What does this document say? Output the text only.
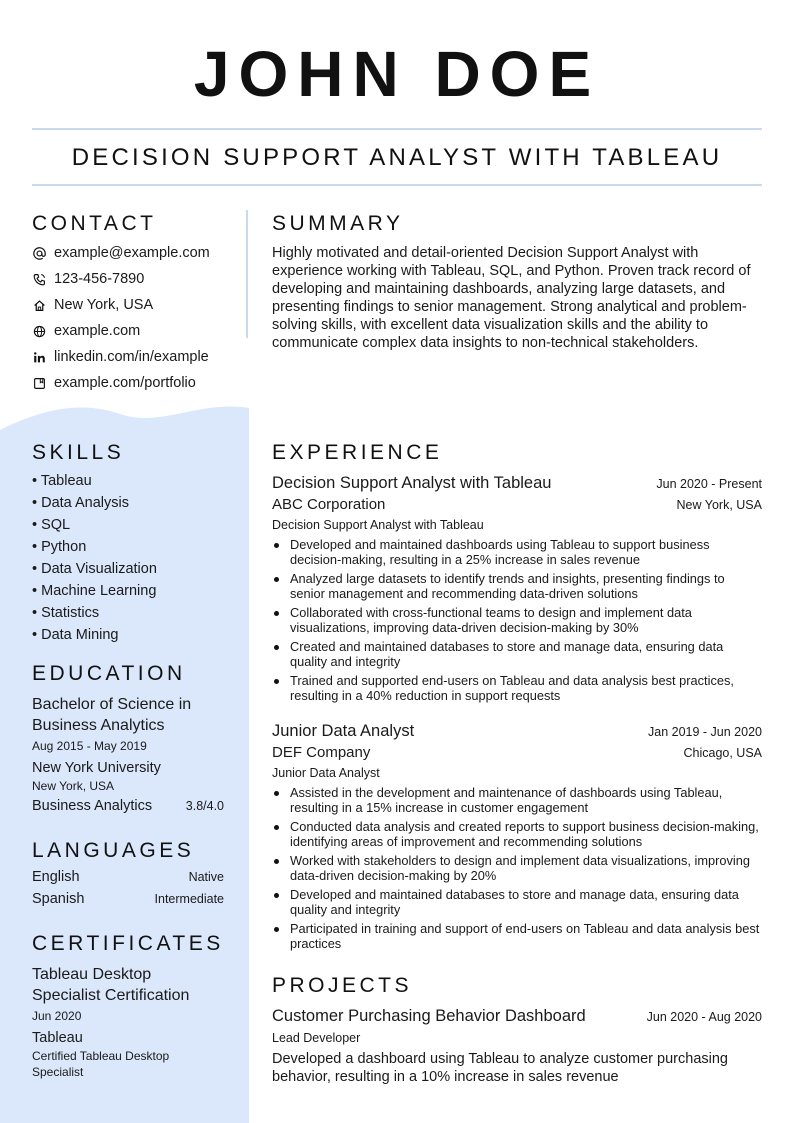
JOHN DOE
DECISION SUPPORT ANALYST WITH TABLEAU
CONTACT
example@example.com
123-456-7890
New York, USA
example.com
linkedin.com/in/example
example.com/portfolio
SKILLS
• Tableau
• Data Analysis
• SQL
• Python
• Data Visualization
• Machine Learning
• Statistics
• Data Mining
EDUCATION
Bachelor of Science in Business Analytics
Aug 2015 - May 2019
New York University
New York, USA
Business Analytics	3.8/4.0
LANGUAGES
English	Native
Spanish	Intermediate
CERTIFICATES
Tableau Desktop Specialist Certification
Jun 2020
Tableau
Certified Tableau Desktop Specialist
SUMMARY
Highly motivated and detail-oriented Decision Support Analyst with experience working with Tableau, SQL, and Python. Proven track record of developing and maintaining dashboards, analyzing large datasets, and presenting findings to senior management. Strong analytical and problem-solving skills, with excellent data visualization skills and the ability to communicate complex data insights to non-technical stakeholders.
EXPERIENCE
Decision Support Analyst with Tableau	Jun 2020 - Present
ABC Corporation	New York, USA
Decision Support Analyst with Tableau
Developed and maintained dashboards using Tableau to support business decision-making, resulting in a 25% increase in sales revenue
Analyzed large datasets to identify trends and insights, presenting findings to senior management and recommending data-driven solutions
Collaborated with cross-functional teams to design and implement data visualizations, improving data-driven decision-making by 30%
Created and maintained databases to store and manage data, ensuring data quality and integrity
Trained and supported end-users on Tableau and data analysis best practices, resulting in a 40% reduction in support requests
Junior Data Analyst	Jan 2019 - Jun 2020
DEF Company	Chicago, USA
Junior Data Analyst
Assisted in the development and maintenance of dashboards using Tableau, resulting in a 15% increase in customer engagement
Conducted data analysis and created reports to support business decision-making, identifying areas of improvement and recommending solutions
Worked with stakeholders to design and implement data visualizations, improving data-driven decision-making by 20%
Developed and maintained databases to store and manage data, ensuring data quality and integrity
Participated in training and support of end-users on Tableau and data analysis best practices
PROJECTS
Customer Purchasing Behavior Dashboard	Jun 2020 - Aug 2020
Lead Developer
Developed a dashboard using Tableau to analyze customer purchasing behavior, resulting in a 10% increase in sales revenue
